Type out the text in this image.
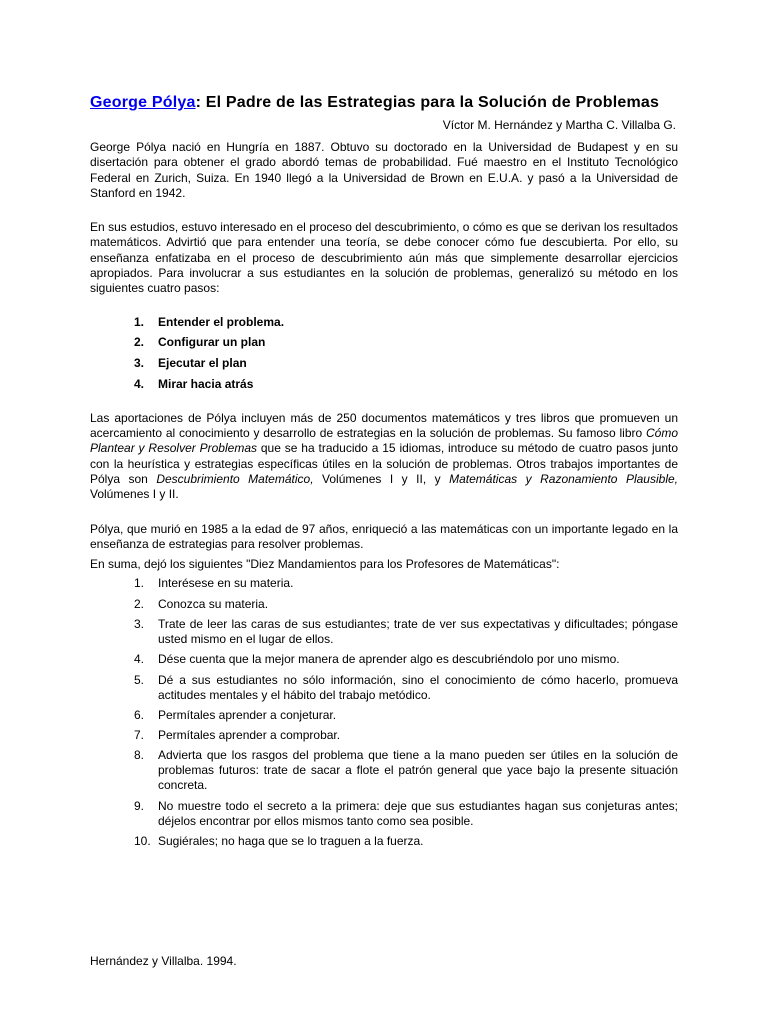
George Pólya: El Padre de las Estrategias para la Solución de Problemas
Víctor M. Hernández y Martha C. Villalba G.

George Pólya nació en Hungría en 1887. Obtuvo su doctorado en la Universidad de Budapest y en su disertación para obtener el grado abordó temas de probabilidad. Fué maestro en el Instituto Tecnológico Federal en Zurich, Suiza. En 1940 llegó a la Universidad de Brown en E.U.A. y pasó a la Universidad de Stanford en 1942.

En sus estudios, estuvo interesado en el proceso del descubrimiento, o cómo es que se derivan los resultados matemáticos. Advirtió que para entender una teoría, se debe conocer cómo fue descubierta. Por ello, su enseñanza enfatizaba en el proceso de descubrimiento aún más que simplemente desarrollar ejercicios apropiados. Para involucrar a sus estudiantes en la solución de problemas, generalizó su método en los siguientes cuatro pasos:

1.	Entender el problema.
2.	Configurar un plan
3.	Ejecutar el plan
4.	Mirar hacia atrás

Las aportaciones de Pólya incluyen más de 250 documentos matemáticos y tres libros que promueven un acercamiento al conocimiento y desarrollo de estrategias en la solución de problemas. Su famoso libro Cómo Plantear y Resolver Problemas que se ha traducido a 15 idiomas, introduce su método de cuatro pasos junto con la heurística y estrategias específicas útiles en la solución de problemas. Otros trabajos importantes de Pólya son Descubrimiento Matemático, Volúmenes I y II, y Matemáticas y Razonamiento Plausible, Volúmenes I y II.

Pólya, que murió en 1985 a la edad de 97 años, enriqueció a las matemáticas con un importante legado en la enseñanza de estrategias para resolver problemas.

En suma, dejó los siguientes "Diez Mandamientos para los Profesores de Matemáticas":

1.	Interésese en su materia.
2.	Conozca su materia.
3.	Trate de leer las caras de sus estudiantes; trate de ver sus expectativas y dificultades; póngase usted mismo en el lugar de ellos.
4.	Dése cuenta que la mejor manera de aprender algo es descubriéndolo por uno mismo.
5.	Dé a sus estudiantes no sólo información, sino el conocimiento de cómo hacerlo, promueva actitudes mentales y el hábito del trabajo metódico.
6.	Permítales aprender a conjeturar.
7.	Permítales aprender a comprobar.
8.	Advierta que los rasgos del problema que tiene a la mano pueden ser útiles en la solución de problemas futuros: trate de sacar a flote el patrón general que yace bajo la presente situación concreta.
9.	No muestre todo el secreto a la primera: deje que sus estudiantes hagan sus conjeturas antes; déjelos encontrar por ellos mismos tanto como sea posible.
10. Sugiérales; no haga que se lo traguen a la fuerza.
Hernández y Villalba. 1994.
